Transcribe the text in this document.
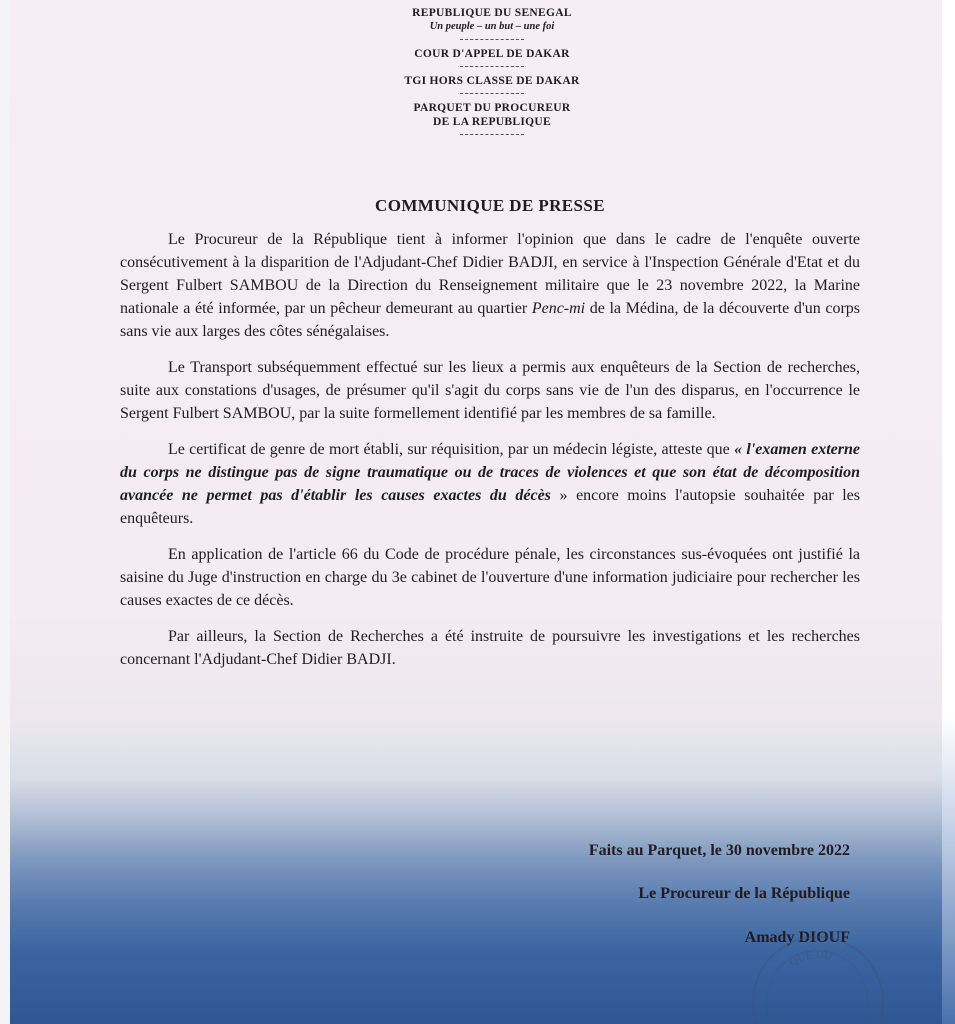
REPUBLIQUE DU SENEGAL
Un peuple – un but – une foi
COUR D'APPEL DE DAKAR
TGI HORS CLASSE DE DAKAR
PARQUET DU PROCUREUR
DE LA REPUBLIQUE
COMMUNIQUE DE PRESSE

Le Procureur de la République tient à informer l'opinion que dans le cadre de l'enquête ouverte consécutivement à la disparition de l'Adjudant-Chef Didier BADJI, en service à l'Inspection Générale d'Etat et du Sergent Fulbert SAMBOU de la Direction du Renseignement militaire que le 23 novembre 2022, la Marine nationale a été informée, par un pêcheur demeurant au quartier Penc-mi de la Médina, de la découverte d'un corps sans vie aux larges des côtes sénégalaises.

Le Transport subséquemment effectué sur les lieux a permis aux enquêteurs de la Section de recherches, suite aux constations d'usages, de présumer qu'il s'agit du corps sans vie de l'un des disparus, en l'occurrence le Sergent Fulbert SAMBOU, par la suite formellement identifié par les membres de sa famille.

Le certificat de genre de mort établi, sur réquisition, par un médecin légiste, atteste que « l'examen externe du corps ne distingue pas de signe traumatique ou de traces de violences et que son état de décomposition avancée ne permet pas d'établir les causes exactes du décès » encore moins l'autopsie souhaitée par les enquêteurs.

En application de l'article 66 du Code de procédure pénale, les circonstances sus-évoquées ont justifié la saisine du Juge d'instruction en charge du 3e cabinet de l'ouverture d'une information judiciaire pour rechercher les causes exactes de ce décès.

Par ailleurs, la Section de Recherches a été instruite de poursuivre les investigations et les recherches concernant l'Adjudant-Chef Didier BADJI.

Faits au Parquet, le 30 novembre 2022
Le Procureur de la République
Amady DIOUF
QUE DU
